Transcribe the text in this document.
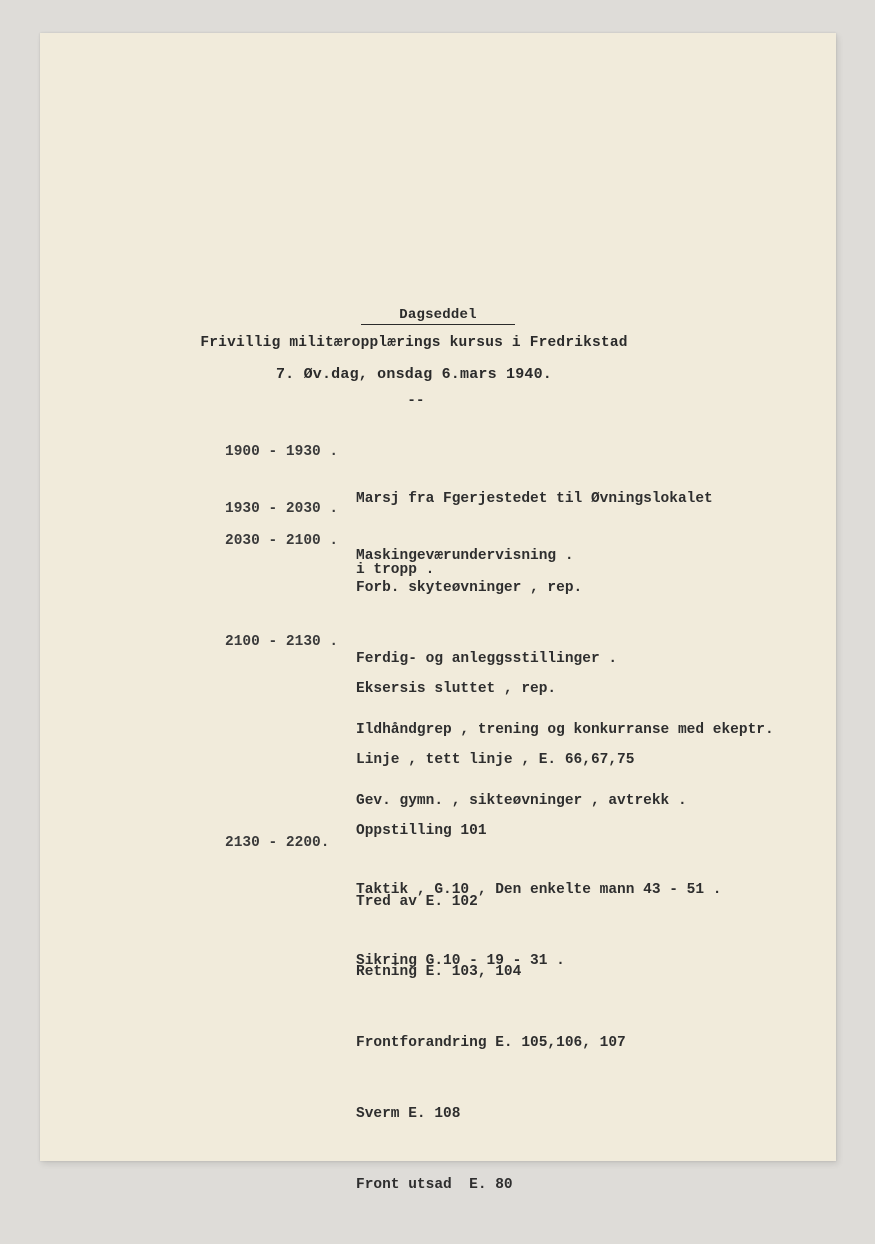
Dagseddel
Frivillig militæropplærings kursus i Fredrikstad
7. Øv.dag, onsdag 6.mars 1940.
--
1900 - 1930 .

Marsj fra Fgerjestedet til Øvningslokalet

i tropp .

1930 - 2030 .

Maskingeværundervisning .

2030 - 2100 .

Forb. skyteøvninger , rep.

Ferdig- og anleggsstillinger .

Ildhåndgrep , trening og konkurranse med ekeptr.

Gev. gymn. , sikteøvninger , avtrekk .

2100 - 2130 .

Eksersis sluttet , rep.

Linje , tett linje , E. 66,67,75

Oppstilling 101

Tred av E. 102

Retning E. 103, 104

Frontforandring E. 105,106, 107

Sverm E. 108

Front utsad  E. 80

2130 - 2200.

Taktik , G.10 , Den enkelte mann 43 - 51 .

Sikring G.10 - 19 - 31 .
